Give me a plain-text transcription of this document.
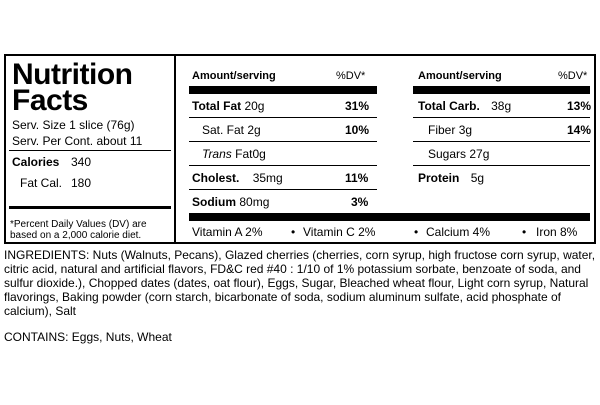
Nutrition
Facts
Serv. Size 1 slice (76g)
Serv. Per Cont. about 11
Calories 340
Fat Cal. 180
*Percent Daily Values (DV) are based on a 2,000 calorie diet.
Amount/serving	%DV*	Amount/serving	%DV*
Total Fat 20g	31%
Sat. Fat 2g	10%
Trans Fat0g
Cholest. 35mg	11%
Sodium 80mg	3%
Total Carb. 38g	13%
Fiber 3g	14%
Sugars 27g
Protein 5g
Vitamin A 2% • Vitamin C 2%	• Calcium 4%	• Iron 8%
INGREDIENTS: Nuts (Walnuts, Pecans), Glazed cherries (cherries, corn syrup, high fructose corn syrup, water, citric acid, natural and artificial flavors, FD&C red #40 : 1/10 of 1% potassium sorbate, benzoate of soda, and sulfur dioxide.), Chopped dates (dates, oat flour), Eggs, Sugar, Bleached wheat flour, Light corn syrup, Natural flavorings, Baking powder (corn starch, bicarbonate of soda, sodium aluminum sulfate, acid phosphate of calcium), Salt
CONTAINS: Eggs, Nuts, Wheat
